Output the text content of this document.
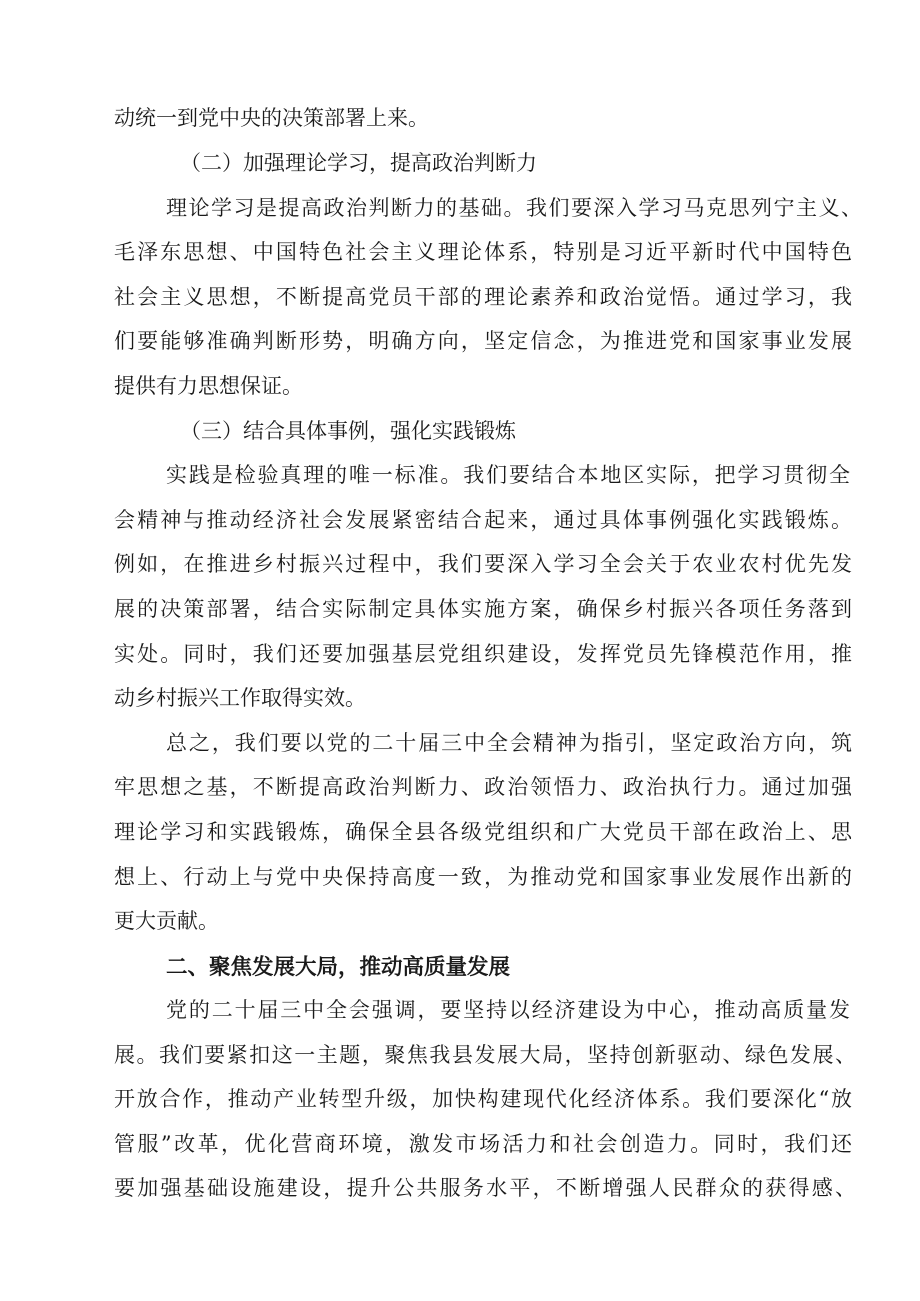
动统一到党中央的决策部署上来。
（二）加强理论学习，提高政治判断力
理论学习是提高政治判断力的基础。我们要深入学习马克思列宁主义、
毛泽东思想、中国特色社会主义理论体系，特别是习近平新时代中国特色
社会主义思想，不断提高党员干部的理论素养和政治觉悟。通过学习，我
们要能够准确判断形势，明确方向，坚定信念，为推进党和国家事业发展
提供有力思想保证。
（三）结合具体事例，强化实践锻炼
实践是检验真理的唯一标准。我们要结合本地区实际，把学习贯彻全
会精神与推动经济社会发展紧密结合起来，通过具体事例强化实践锻炼。
例如，在推进乡村振兴过程中，我们要深入学习全会关于农业农村优先发
展的决策部署，结合实际制定具体实施方案，确保乡村振兴各项任务落到
实处。同时，我们还要加强基层党组织建设，发挥党员先锋模范作用，推
动乡村振兴工作取得实效。
总之，我们要以党的二十届三中全会精神为指引，坚定政治方向，筑
牢思想之基，不断提高政治判断力、政治领悟力、政治执行力。通过加强
理论学习和实践锻炼，确保全县各级党组织和广大党员干部在政治上、思
想上、行动上与党中央保持高度一致，为推动党和国家事业发展作出新的
更大贡献。
二、聚焦发展大局，推动高质量发展
党的二十届三中全会强调，要坚持以经济建设为中心，推动高质量发
展。我们要紧扣这一主题，聚焦我县发展大局，坚持创新驱动、绿色发展、
开放合作，推动产业转型升级，加快构建现代化经济体系。我们要深化“放
管服”改革，优化营商环境，激发市场活力和社会创造力。同时，我们还
要加强基础设施建设，提升公共服务水平，不断增强人民群众的获得感、
